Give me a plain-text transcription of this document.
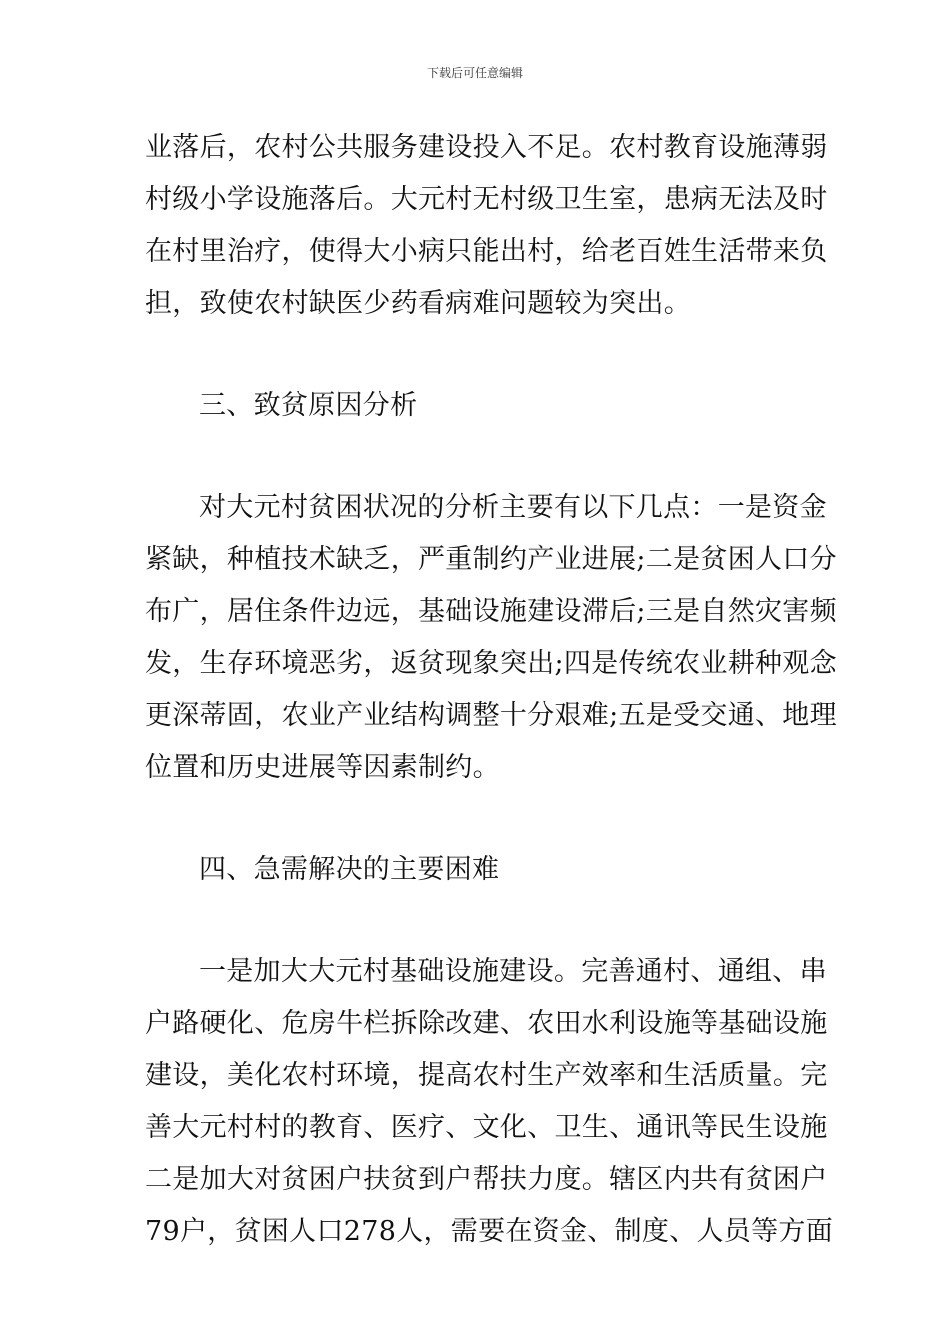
下载后可任意编辑
业落后，农村公共服务建设投入不足。农村教育设施薄弱
村级小学设施落后。大元村无村级卫生室，患病无法及时
在村里治疗，使得大小病只能出村，给老百姓生活带来负
担，致使农村缺医少药看病难问题较为突出。
三、致贫原因分析
对大元村贫困状况的分析主要有以下几点：一是资金
紧缺，种植技术缺乏，严重制约产业进展;二是贫困人口分
布广，居住条件边远，基础设施建设滞后;三是自然灾害频
发，生存环境恶劣，返贫现象突出;四是传统农业耕种观念
更深蒂固，农业产业结构调整十分艰难;五是受交通、地理
位置和历史进展等因素制约。
四、急需解决的主要困难
一是加大大元村基础设施建设。完善通村、通组、串
户路硬化、危房牛栏拆除改建、农田水利设施等基础设施
建设，美化农村环境，提高农村生产效率和生活质量。完
善大元村村的教育、医疗、文化、卫生、通讯等民生设施
二是加大对贫困户扶贫到户帮扶力度。辖区内共有贫困户
79户，贫困人口278人，需要在资金、制度、人员等方面
